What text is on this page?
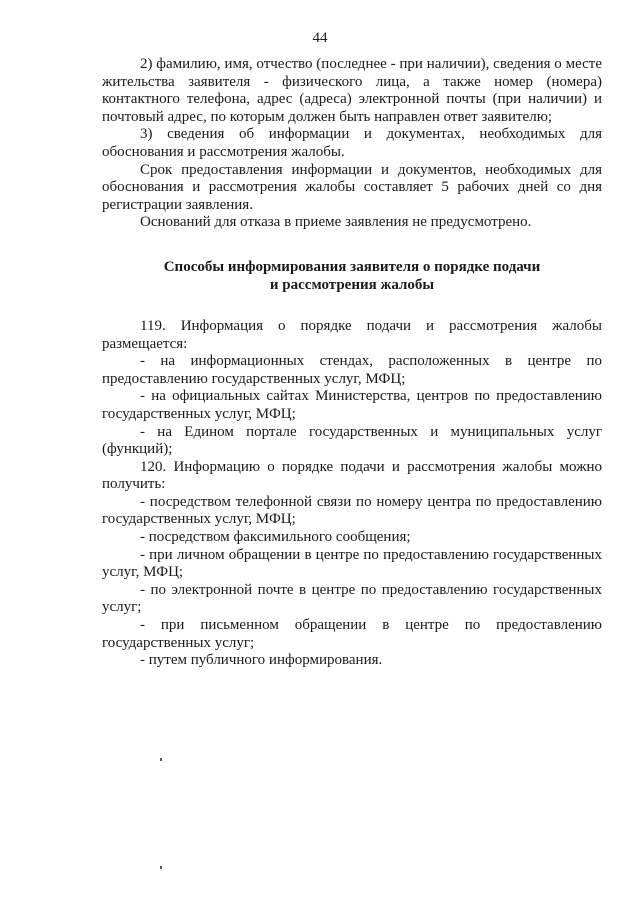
44

2) фамилию, имя, отчество (последнее - при наличии), сведения о месте жительства заявителя - физического лица, а также номер (номера) контактного телефона, адрес (адреса) электронной почты (при наличии) и почтовый адрес, по которым должен быть направлен ответ заявителю;

3) сведения об информации и документах, необходимых для обоснования и рассмотрения жалобы.

Срок предоставления информации и документов, необходимых для обоснования и рассмотрения жалобы составляет 5 рабочих дней со дня регистрации заявления.

Оснований для отказа в приеме заявления не предусмотрено.

Способы информирования заявителя о порядке подачи
и рассмотрения жалобы

119. Информация о порядке подачи и рассмотрения жалобы размещается:

- на информационных стендах, расположенных в центре по предоставлению государственных услуг, МФЦ;

- на официальных сайтах Министерства, центров по предоставлению государственных услуг, МФЦ;

- на Едином портале государственных и муниципальных услуг (функций);

120. Информацию о порядке подачи и рассмотрения жалобы можно получить:

- посредством телефонной связи по номеру центра по предоставлению государственных услуг, МФЦ;

- посредством факсимильного сообщения;

- при личном обращении в центре по предоставлению государственных услуг, МФЦ;

- по электронной почте в центре по предоставлению государственных услуг;

- при письменном обращении в центре по предоставлению государственных услуг;

- путем публичного информирования.
